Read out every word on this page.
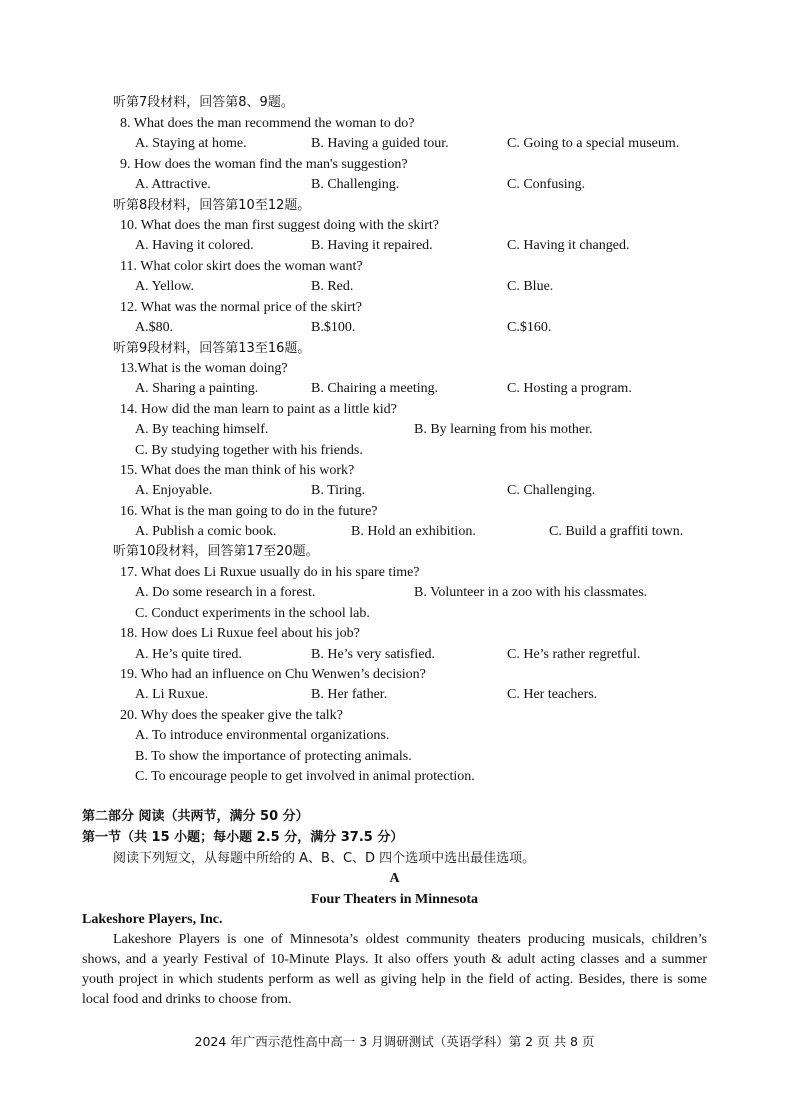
听第7段材料，回答第8、9题。
8. What does the man recommend the woman to do?
A. Staying at home.	B. Having a guided tour.	C. Going to a special museum.
9. How does the woman find the man's suggestion?
A. Attractive.	B. Challenging.	C. Confusing.
听第8段材料，回答第10至12题。
10. What does the man first suggest doing with the skirt?
A. Having it colored.	B. Having it repaired.	C. Having it changed.
11. What color skirt does the woman want?
A. Yellow.	B. Red.	C. Blue.
12. What was the normal price of the skirt?
A.$80.	B.$100.	C.$160.
听第9段材料，回答第13至16题。
13.What is the woman doing?
A. Sharing a painting.	B. Chairing a meeting.	C. Hosting a program.
14. How did the man learn to paint as a little kid?
A. By teaching himself.	B. By learning from his mother.
C. By studying together with his friends.
15. What does the man think of his work?
A. Enjoyable.	B. Tiring.	C. Challenging.
16. What is the man going to do in the future?
A. Publish a comic book.	B. Hold an exhibition.	C. Build a graffiti town.
听第10段材料，回答第17至20题。
17. What does Li Ruxue usually do in his spare time?
A. Do some research in a forest.	B. Volunteer in a zoo with his classmates.
C. Conduct experiments in the school lab.
18. How does Li Ruxue feel about his job?
A. He’s quite tired.	B. He’s very satisfied.	C. He’s rather regretful.
19. Who had an influence on Chu Wenwen’s decision?
A. Li Ruxue.	B. Her father.	C. Her teachers.
20. Why does the speaker give the talk?
A. To introduce environmental organizations.
B. To show the importance of protecting animals.
C. To encourage people to get involved in animal protection.
第二部分 阅读（共两节，满分 50 分）
第一节（共 15 小题；每小题 2.5 分，满分 37.5 分）
阅读下列短文，从每题中所给的 A、B、C、D 四个选项中选出最佳选项。
A
Four Theaters in Minnesota
Lakeshore Players, Inc.
Lakeshore Players is one of Minnesota’s oldest community theaters producing musicals, children’s shows, and a yearly Festival of 10-Minute Plays. It also offers youth & adult acting classes and a summer youth project in which students perform as well as giving help in the field of acting. Besides, there is some local food and drinks to choose from.
2024 年广西示范性高中高一 3 月调研测试（英语学科）第 2 页 共 8 页
